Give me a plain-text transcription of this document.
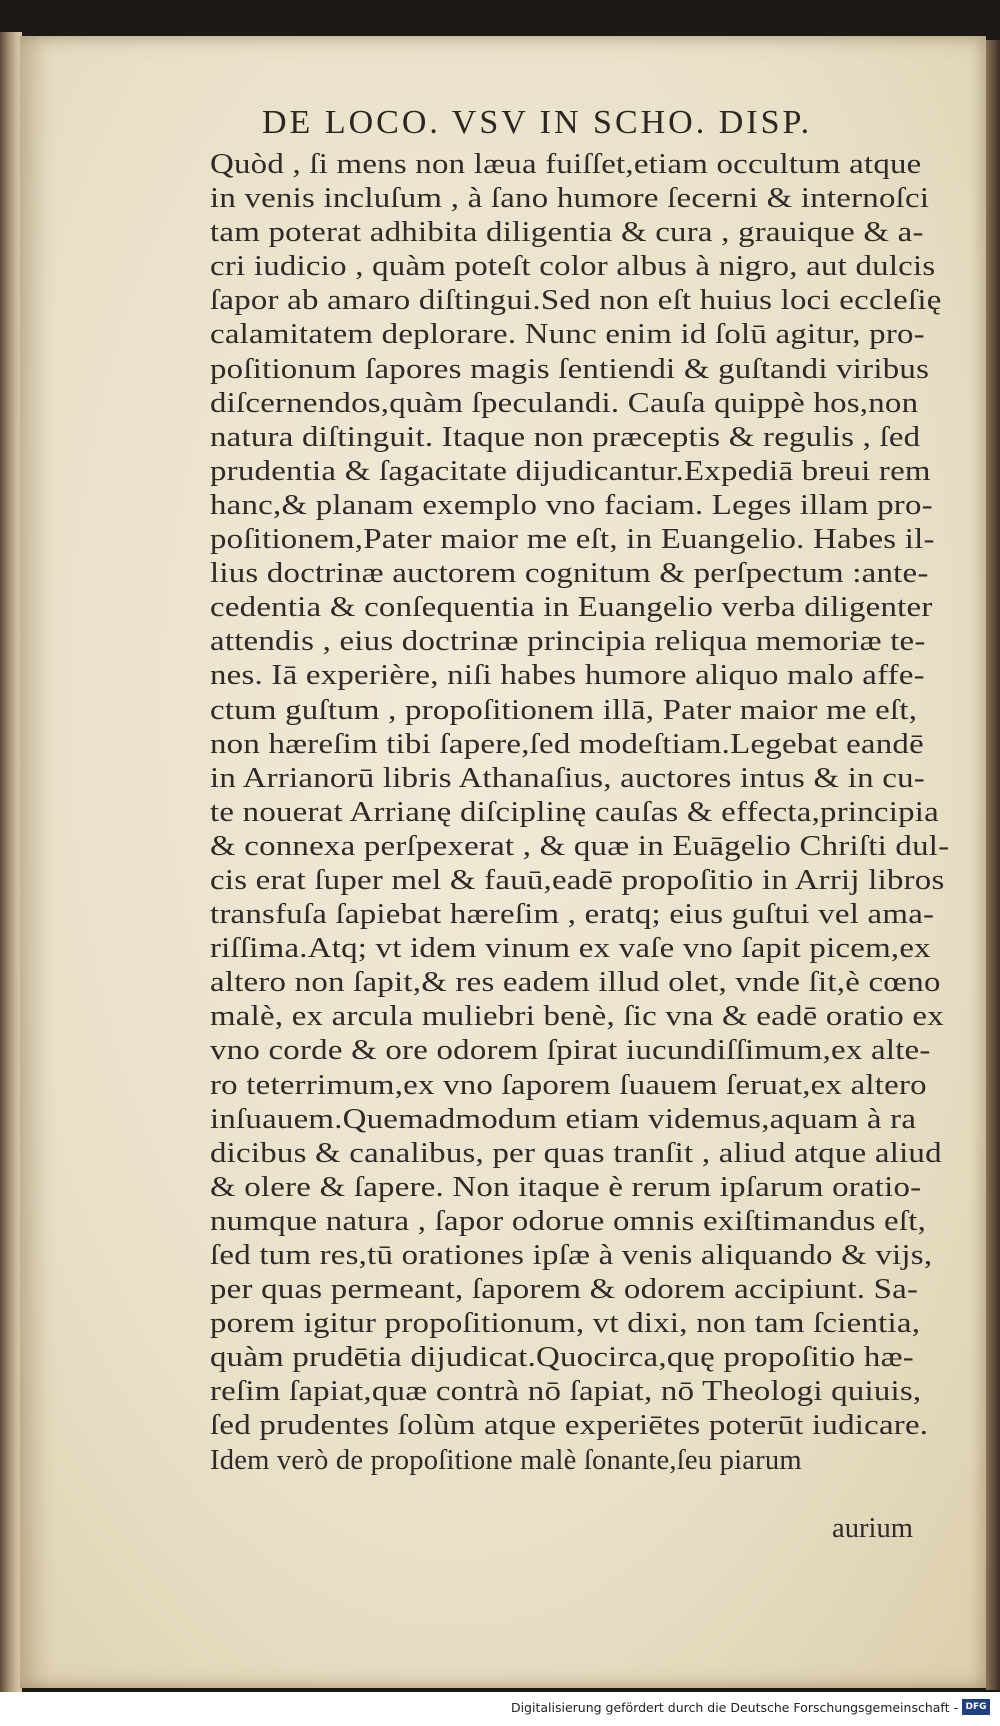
DE LOCO. VSV IN SCHO. DISP.
Quòd , ſi mens non læua fuiſſet,etiam occultum atque
in venis incluſum , à ſano humore ſecerni & internoſci
tam poterat adhibita diligentia & cura , grauique & a-
cri iudicio , quàm poteſt color albus à nigro, aut dulcis
ſapor ab amaro diſtingui.Sed non eſt huius loci eccleſię
calamitatem deplorare. Nunc enim id ſolū agitur, pro-
poſitionum ſapores magis ſentiendi & guſtandi viribus
diſcernendos,quàm ſpeculandi. Cauſa quippè hos,non
natura diſtinguit. Itaque non præceptis & regulis , ſed
prudentia & ſagacitate dijudicantur.Expediā breui rem
hanc,& planam exemplo vno faciam. Leges illam pro-
poſitionem,Pater maior me eſt, in Euangelio. Habes il-
lius doctrinæ auctorem cognitum & perſpectum :ante-
cedentia & conſequentia in Euangelio verba diligenter
attendis , eius doctrinæ principia reliqua memoriæ te-
nes. Iā experière, niſi habes humore aliquo malo affe-
ctum guſtum , propoſitionem illā, Pater maior me eſt,
non hæreſim tibi ſapere,ſed modeſtiam.Legebat eandē
in Arrianorū libris Athanaſius, auctores intus & in cu-
te nouerat Arrianę diſciplinę cauſas & effecta,principia
& connexa perſpexerat , & quæ in Euāgelio Chriſti dul-
cis erat ſuper mel & fauū,eadē propoſitio in Arrij libros
transfuſa ſapiebat hæreſim , eratq; eius guſtui vel ama-
riſſima.Atq; vt idem vinum ex vaſe vno ſapit picem,ex
altero non ſapit,& res eadem illud olet, vnde ſit,è cœno
malè, ex arcula muliebri benè, ſic vna & eadē oratio ex
vno corde & ore odorem ſpirat iucundiſſimum,ex alte-
ro teterrimum,ex vno ſaporem ſuauem ſeruat,ex altero
inſuauem.Quemadmodum etiam videmus,aquam à ra
dicibus & canalibus, per quas tranſit , aliud atque aliud
& olere & ſapere. Non itaque è rerum ipſarum oratio-
numque natura , ſapor odorue omnis exiſtimandus eſt,
ſed tum res,tū orationes ipſæ à venis aliquando & vijs,
per quas permeant, ſaporem & odorem accipiunt. Sa-
porem igitur propoſitionum, vt dixi, non tam ſcientia,
quàm prudētia dijudicat.Quocirca,quę propoſitio hæ-
reſim ſapiat,quæ contrà nō ſapiat, nō Theologi quiuis,
ſed prudentes ſolùm atque experiētes poterūt iudicare.
Idem verò de propoſitione malè ſonante,ſeu piarum
aurium
Digitalisierung gefördert durch die Deutsche Forschungsgemeinschaft - DFG
